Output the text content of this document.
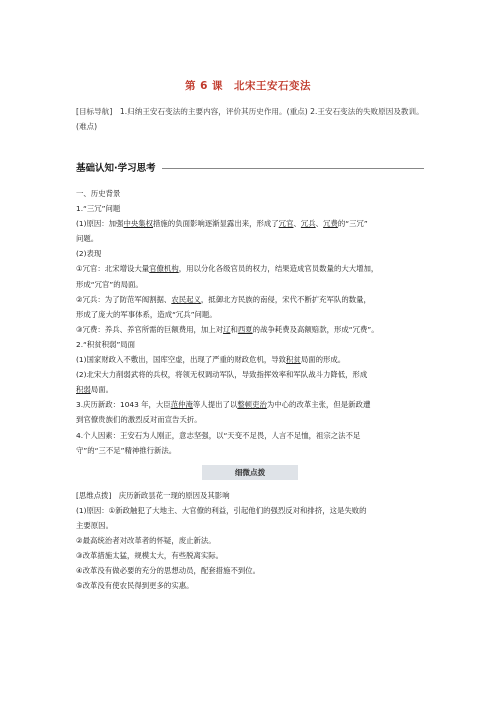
第 6 课　北宋王安石变法
[目标导航]　1.归纳王安石变法的主要内容，评价其历史作用。(重点) 2.王安石变法的失败原因及教训。(难点)
基础认知·学习思考

一、历史背景

1.“三冗”问题

(1)原因：加强中央集权措施的负面影响逐渐显露出来，形成了冗官、冗兵、冗费的“三冗”

问题。

(2)表现

①冗官：北宋增设大量官僚机构，用以分化各级官员的权力，结果造成官员数量的大大增加，

形成“冗官”的局面。

②冗兵：为了防范军阀割据、农民起义，抵御北方民族的南侵，宋代不断扩充军队的数量，

形成了庞大的军事体系，造成“冗兵”问题。

③冗费：养兵、养官所需的巨额费用，加上对辽和西夏的战争耗费及高额赔款，形成“冗费”。

2.“积贫积弱”局面

(1)国家财政入不敷出，国库空虚，出现了严重的财政危机，导致积贫局面的形成。

(2)北宋大力削弱武将的兵权，将领无权调动军队，导致指挥效率和军队战斗力降低，形成

积弱局面。

3.庆历新政：1043 年，大臣范仲淹等人提出了以整顿吏治为中心的改革主张，但是新政遭

到官僚贵族们的激烈反对而宣告夭折。

4.个人因素：王安石为人刚正，意志坚强，以“天变不足畏，人言不足恤，祖宗之法不足

守”的“三不足”精神推行新法。

细微点拨

[思维点拨]　庆历新政昙花一现的原因及其影响

(1)原因：①新政触犯了大地主、大官僚的利益，引起他们的强烈反对和排挤，这是失败的

主要原因。

②最高统治者对改革者的怀疑，废止新法。

③改革措施太猛，规模太大，有些脱离实际。

④改革没有做必要的充分的思想动员，配套措施不到位。

⑤改革没有使农民得到更多的实惠。
